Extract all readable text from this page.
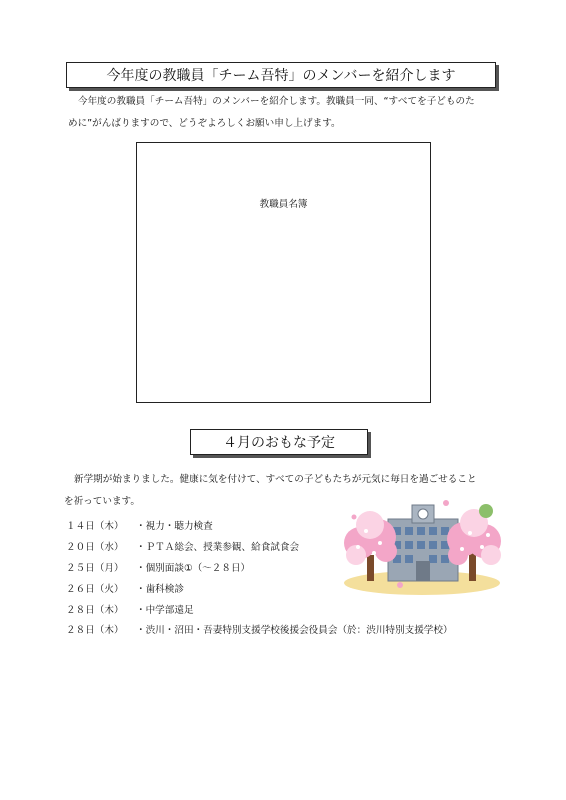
今年度の教職員「チーム吾特」のメンバーを紹介します
今年度の教職員「チーム吾特」のメンバーを紹介します。教職員一同、“すべてを子どものた
めに”がんばりますので、どうぞよろしくお願い申し上げます。
教職員名簿
４月のおもな予定
新学期が始まりました。健康に気を付けて、すべての子どもたちが元気に毎日を過ごせること
を祈っています。
１４日（木）	・視力・聴力検査
２０日（水）	・ＰＴＡ総会、授業参観、給食試食会
２５日（月）	・個別面談①（～２８日）
２６日（火）	・歯科検診
２８日（木）	・中学部遠足
２８日（木）	・渋川・沼田・吾妻特別支援学校後援会役員会（於：渋川特別支援学校）
